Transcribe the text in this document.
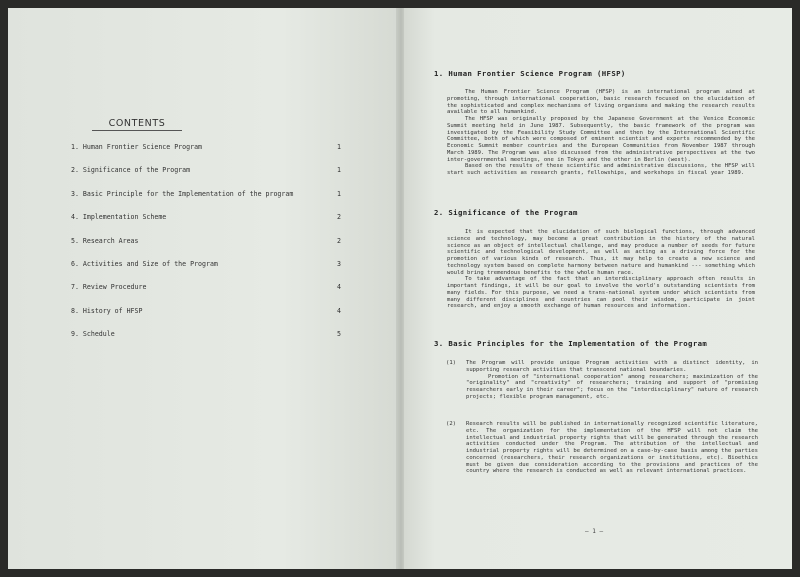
CONTENTS
1. Human Frontier Science Program	1
2. Significance of the Program	1
3. Basic Principle for the Implementation of the program	1
4. Implementation Scheme	2
5. Research Areas	2
6. Activities and Size of the Program	3
7. Review Procedure	4
8. History of HFSP	4
9. Schedule	5
1. Human Frontier Science Program (HFSP)

The Human Frontier Science Program (HFSP) is an international program aimed at promoting, through international cooperation, basic research focused on the elucidation of the sophisticated and complex mechanisms of living organisms and making the research results available to all humankind.

The HFSP was originally proposed by the Japanese Government at the Venice Economic Summit meeting held in June 1987. Subsequently, the basic framework of the program was investigated by the Feasibility Study Committee and then by the International Scientific Committee, both of which were composed of eminent scientist and experts recommended by the Economic Summit member countries and the European Communities from November 1987 through March 1989. The Program was also discussed from the administrative perspectives at the two inter-governmental meetings, one in Tokyo and the other in Berlin (west).

Based on the results of these scientific and administrative discussions, the HFSP will start such activities as research grants, fellowships, and workshops in fiscal year 1989.

2. Significance of the Program

It is expected that the elucidation of such biological functions, through advanced science and technology, may become a great contribution in the history of the natural science as an object of intellectual challenge, and may produce a number of seeds for future scientific and technological development, as well as acting as a driving force for the promotion of various kinds of research. Thus, it may help to create a new science and technology system based on complete harmony between nature and humankind --- something which would bring tremendous benefits to the whole human race.

To take advantage of the fact that an interdisciplinary approach often results in important findings, it will be our goal to involve the world's outstanding scientists from many fields. For this purpose, we need a trans-national system under which scientists from many different disciplines and countries can pool their wisdom, participate in joint research, and enjoy a smooth exchange of human resources and information.

3. Basic Principles for the Implementation of the Program
(1) The Program will provide unique Program activities with a distinct identity, in supporting research activities that transcend national boundaries.

Promotion of "international cooperation" among researchers; maximization of the "originality" and "creativity" of researchers; training and support of "promising researchers early in their career"; focus on the "interdisciplinary" nature of research projects; flexible program management, etc.

(2) Research results will be published in internationally recognized scientific literature, etc. The organization for the implementation of the HFSP will not claim the intellectual and industrial property rights that will be generated through the research activities conducted under the Program. The attribution of the intellectual and industrial property rights will be determined on a case-by-case basis among the parties concerned (researchers, their research organizations or institutions, etc). Bioethics must be given due consideration according to the provisions and practices of the country where the research is conducted as well as relevant international practices.

— 1 —
